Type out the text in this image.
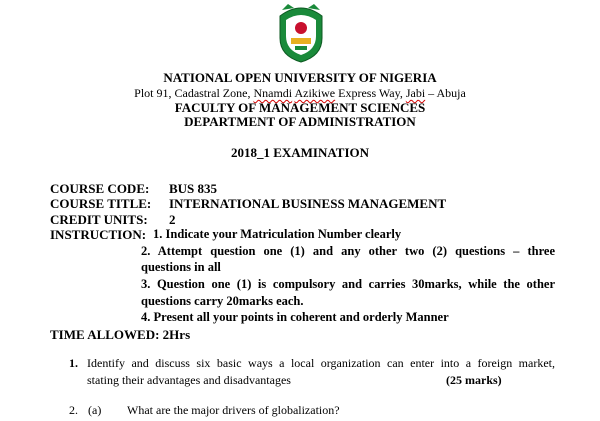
NATIONAL OPEN UNIVERSITY OF NIGERIA
Plot 91, Cadastral Zone, Nnamdi Azikiwe Express Way, Jabi – Abuja
FACULTY OF MANAGEMENT SCIENCES
DEPARTMENT OF ADMINISTRATION
2018_1 EXAMINATION
COURSE CODE: BUS 835
COURSE TITLE: INTERNATIONAL BUSINESS MANAGEMENT
CREDIT UNITS: 2
INSTRUCTION: 1. Indicate your Matriculation Number clearly
2. Attempt question one (1) and any other two (2) questions – three
questions in all
3. Question one (1) is compulsory and carries 30marks, while the other
questions carry 20marks each.
4. Present all your points in coherent and orderly Manner
TIME ALLOWED: 2Hrs
1. Identify and discuss six basic ways a local organization can enter into a foreign market,
stating their advantages and disadvantages	(25 marks)
2. (a) What are the major drivers of globalization?
